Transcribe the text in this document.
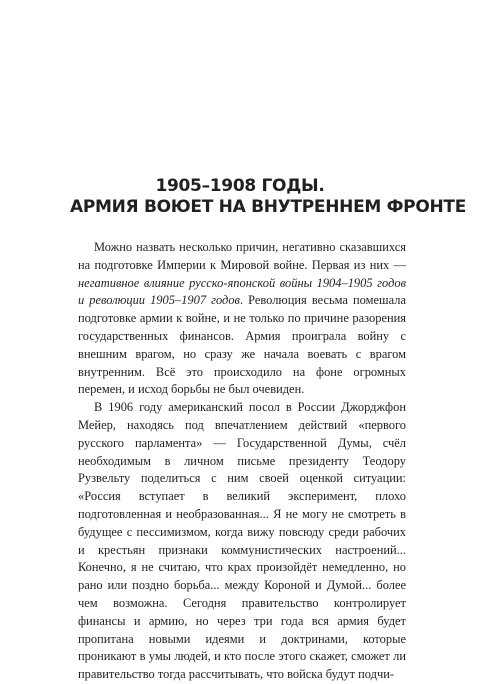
1905–1908 ГОДЫ.
АРМИЯ ВОЮЕТ НА ВНУТРЕННЕМ ФРОНТЕ

Можно назвать несколько причин, негативно сказавшихся на подготовке Империи к Мировой войне. Первая из них — негативное влияние русско-японской войны 1904–1905 годов и революции 1905–1907 годов. Революция весьма помешала подготовке армии к войне, и не только по причине разорения государственных финансов. Армия проиграла войну с внешним врагом, но сразу же начала воевать с врагом внутренним. Всё это происходило на фоне огромных перемен, и исход борьбы не был очевиден.

В 1906 году американский посол в России Джорджфон Мейер, находясь под впечатлением действий «первого русского парламента» — Государственной Думы, счёл необходимым в личном письме президенту Теодору Рузвельту поделиться с ним своей оценкой ситуации: «Россия вступает в великий эксперимент, плохо подготовленная и необразованная... Я не могу не смотреть в будущее с пессимизмом, когда вижу повсюду среди рабочих и крестьян признаки коммунистических настроений... Конечно, я не считаю, что крах произойдёт немедленно, но рано или поздно борьба... между Короной и Думой... более чем возможна. Сегодня правительство контролирует финансы и армию, но через три года вся армия будет пропитана новыми идеями и доктринами, которые проникают в умы людей, и кто после этого скажет, сможет ли правительство тогда рассчитывать, что войска будут подчи-
